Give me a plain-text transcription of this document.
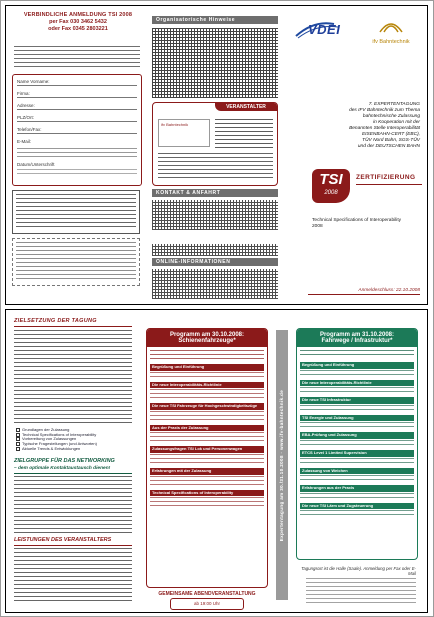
VERBINDLICHE ANMELDUNG TSI 2008
per Fax 030 3462 5432
oder Fax 0345 2803221
Name Vorname:
Firma:
Adresse:
PLZ/Ort:
Telefon/Fax:
E-Mail:
Datum/Unterschrift
Organisatorische Hinweise
VERANSTALTER
ifv Bahntechnik
KONTAKT & ANFAHRT
ONLINE-INFORMATIONEN
VDEI
ifv Bahntechnik
7. EXPERTENTAGUNG
des IFV Bahntechnik zum Thema
bahntechnische Zulassung
in Kooperation mit der
Benannten Stelle Interoperabilität
EISENBAHN-CERT (EBC),
TÜV Nord Bahn, SGS-TÜV
und der DEUTSCHEN BAHN
TSI
2008
ZERTIFIZIERUNG
Technical Specifications of Interoperability 2008
Anmeldeschluss: 22.10.2008
ZIELSETZUNG DER TAGUNG
Grundlagen der Zulassung
Technical Specifications of Interoperability
Vorbereitung von Zulassungen
Typische Fragestellungen (und Antworten)
Aktuelle Trends & Entwicklungen
ZIELGRUPPE FÜR DAS NETWORKING
– dem optimale Kontaktaustausch dienen!
LEISTUNGEN DES VERANSTALTERS
Programm am 30.10.2008:
Schienenfahrzeuge*
Begrüßung und Einführung
Die neue Interoperabilitäts-Richtlinie
Die neue TSI Fahrzeuge für Hochgeschwindigkeitszüge
Aus der Praxis der Zulassung
Zulassungsfragen TSI Lok und Personenwagen
Erfahrungen mit der Zulassung
Technical Specifications of Interoperability
GEMEINSAME ABENDVERANSTALTUNG
ab 19:00 Uhr
Expertentagung am 30./31.10.2008 · www.ifv-bahntechnik.de
Programm am 31.10.2008:
Fahrwege / Infrastruktur*
Begrüßung und Einführung
Die neue Interoperabilitäts-Richtlinie
Die neue TSI Infrastruktur
TSI Energie und Zulassung
EBA-Prüfung und Zulassung
ETCS Level 1 Limited Supervision
Zulassung von Weichen
Erfahrungen aus der Praxis
Die neue TSI Lärm und Zugsteuerung
Tagungsort ist die Halle (Saale). Anmeldung per Fax oder E-Mail
